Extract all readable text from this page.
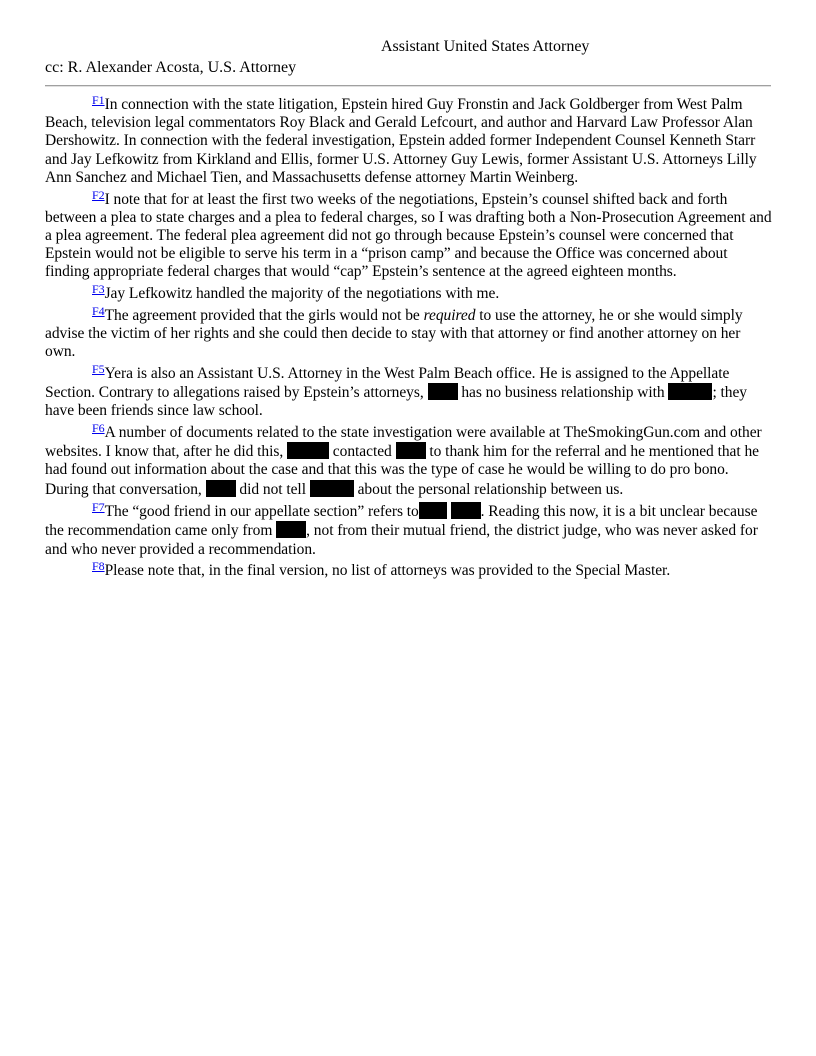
Assistant United States Attorney
cc: R. Alexander Acosta, U.S. Attorney

$^{F1}$In connection with the state litigation, Epstein hired Guy Fronstin and Jack Goldberger from West Palm Beach, television legal commentators Roy Black and Gerald Lefcourt, and author and Harvard Law Professor Alan Dershowitz. In connection with the federal investigation, Epstein added former Independent Counsel Kenneth Starr and Jay Lefkowitz from Kirkland and Ellis, former U.S. Attorney Guy Lewis, former Assistant U.S. Attorneys Lilly Ann Sanchez and Michael Tien, and Massachusetts defense attorney Martin Weinberg.

$^{F2}$I note that for at least the first two weeks of the negotiations, Epstein’s counsel shifted back and forth between a plea to state charges and a plea to federal charges, so I was drafting both a Non-Prosecution Agreement and a plea agreement. The federal plea agreement did not go through because Epstein’s counsel were concerned that Epstein would not be eligible to serve his term in a “prison camp” and because the Office was concerned about finding appropriate federal charges that would “cap” Epstein’s sentence at the agreed eighteen months.

$^{F3}$Jay Lefkowitz handled the majority of the negotiations with me.

$^{F4}$The agreement provided that the girls would not be required to use the attorney, he or she would simply advise the victim of her rights and she could then decide to stay with that attorney or find another attorney on her own.

$^{F5}$Yera is also an Assistant U.S. Attorney in the West Palm Beach office. He is assigned to the Appellate Section. Contrary to allegations raised by Epstein’s attorneys,  has no business relationship with	; they have been friends since law school.

$^{F6}$A number of documents related to the state investigation were available at TheSmokingGun.com and other websites. I know that, after he did this,	contacted  to thank him for the referral and he mentioned that he had found out information about the case and that this was the type of case he would be willing to do pro bono. During that conversation,  did not tell	about the personal relationship between us.

$^{F7}$The “good friend in our appellate section” refers to	. Reading this now, it is a bit unclear because the recommendation came only from , not from their mutual friend, the district judge, who was never asked for and who never provided a recommendation.

$^{F8}$Please note that, in the final version, no list of attorneys was provided to the Special Master.
